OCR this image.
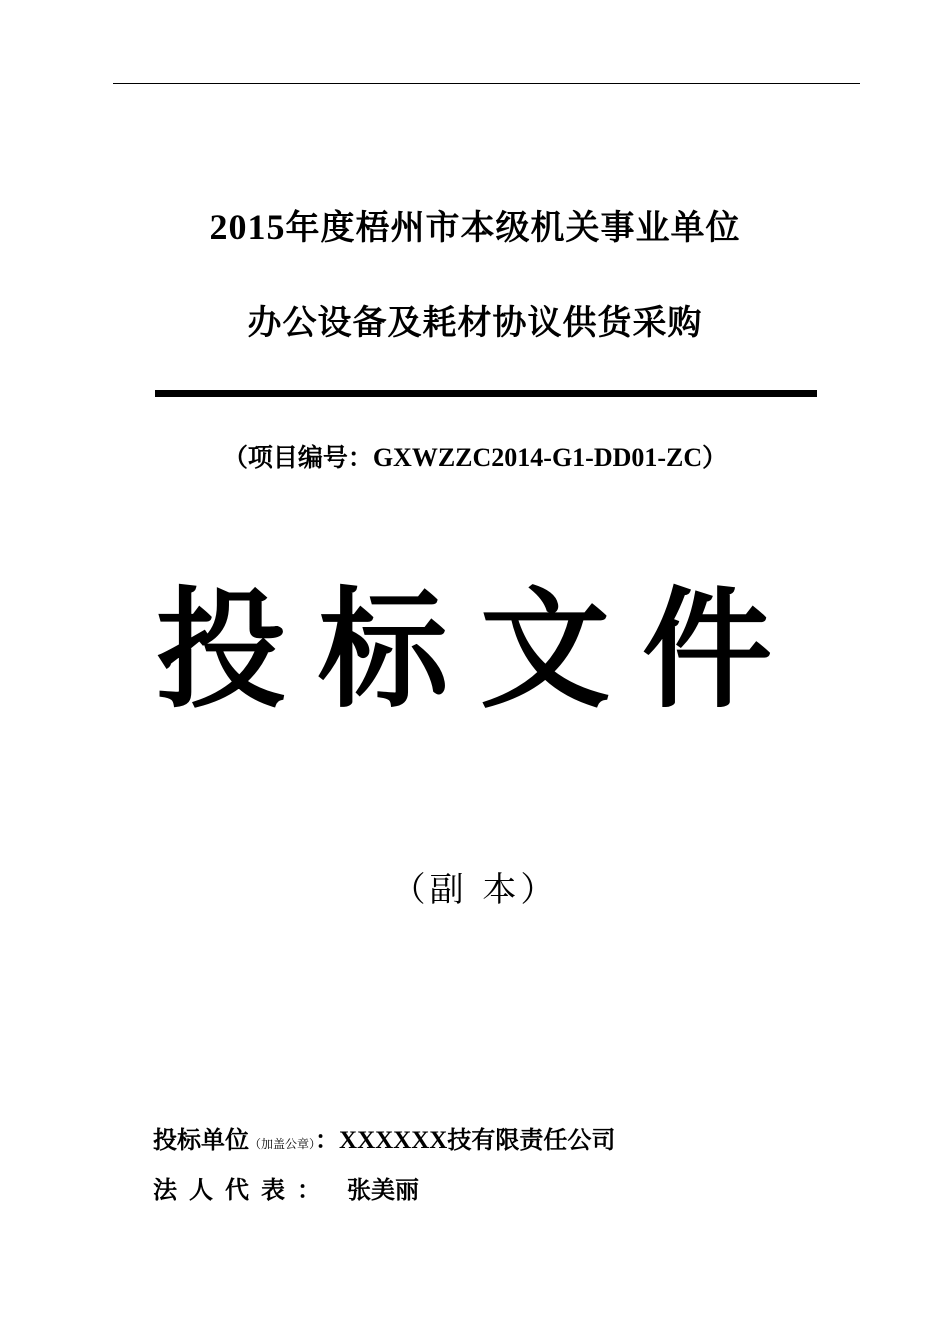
2015年度梧州市本级机关事业单位
办公设备及耗材协议供货采购
（项目编号：GXWZZC2014-G1-DD01-ZC）
投标文件
（副 本）
投标单位（加盖公章）：XXXXXX技有限责任公司
法人代表： 张美丽
